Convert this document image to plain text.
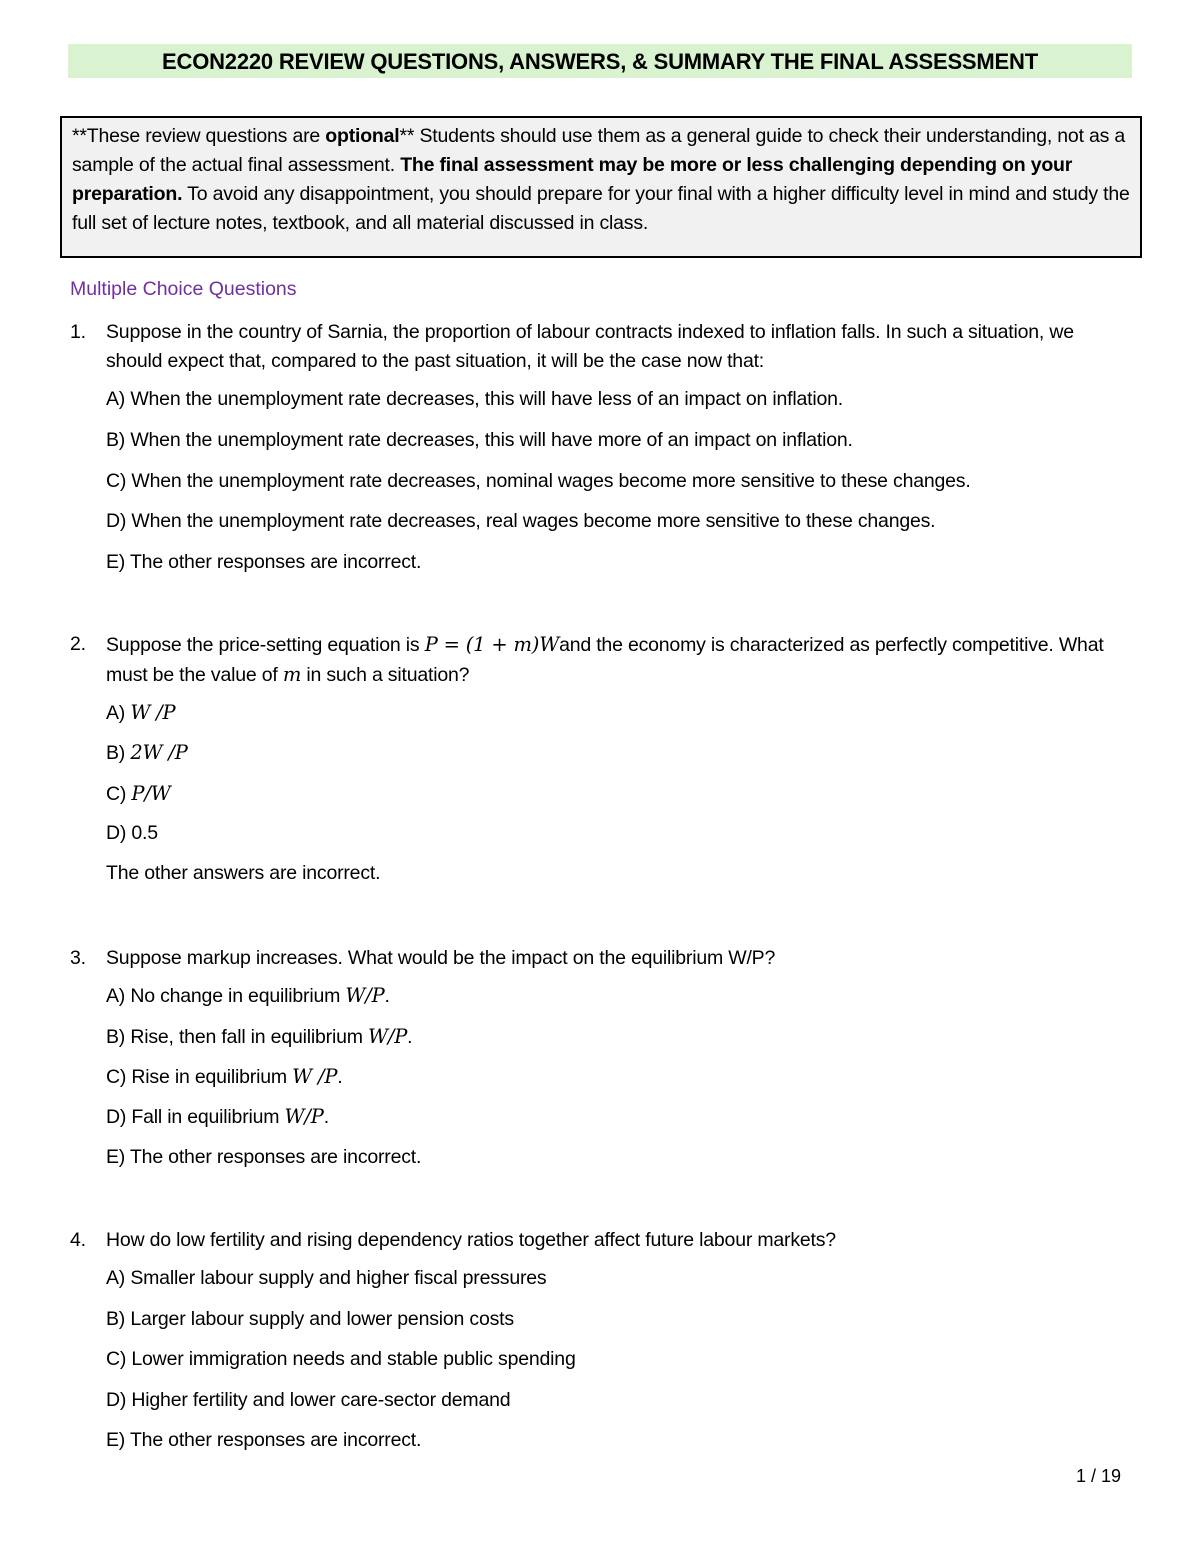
ECON2220 REVIEW QUESTIONS, ANSWERS, & SUMMARY THE FINAL ASSESSMENT
**These review questions are optional** Students should use them as a general guide to check their understanding, not as a sample of the actual final assessment. The final assessment may be more or less challenging depending on your preparation. To avoid any disappointment, you should prepare for your final with a higher difficulty level in mind and study the full set of lecture notes, textbook, and all material discussed in class.
Multiple Choice Questions
1. Suppose in the country of Sarnia, the proportion of labour contracts indexed to inflation falls. In such a situation, we should expect that, compared to the past situation, it will be the case now that:
A) When the unemployment rate decreases, this will have less of an impact on inflation.
B) When the unemployment rate decreases, this will have more of an impact on inflation.
C) When the unemployment rate decreases, nominal wages become more sensitive to these changes.
D) When the unemployment rate decreases, real wages become more sensitive to these changes.
E) The other responses are incorrect.
2. Suppose the price-setting equation is P = (1 + m)Wand the economy is characterized as perfectly competitive. What must be the value of m in such a situation?
A) W /P
B) 2W /P
C) P/W
D) 0.5
The other answers are incorrect.
3. Suppose markup increases. What would be the impact on the equilibrium W/P?
A) No change in equilibrium W/P.
B) Rise, then fall in equilibrium W/P.
C) Rise in equilibrium W /P.
D) Fall in equilibrium W/P.
E) The other responses are incorrect.
4. How do low fertility and rising dependency ratios together affect future labour markets?
A) Smaller labour supply and higher fiscal pressures
B) Larger labour supply and lower pension costs
C) Lower immigration needs and stable public spending
D) Higher fertility and lower care-sector demand
E) The other responses are incorrect.
1 / 19
